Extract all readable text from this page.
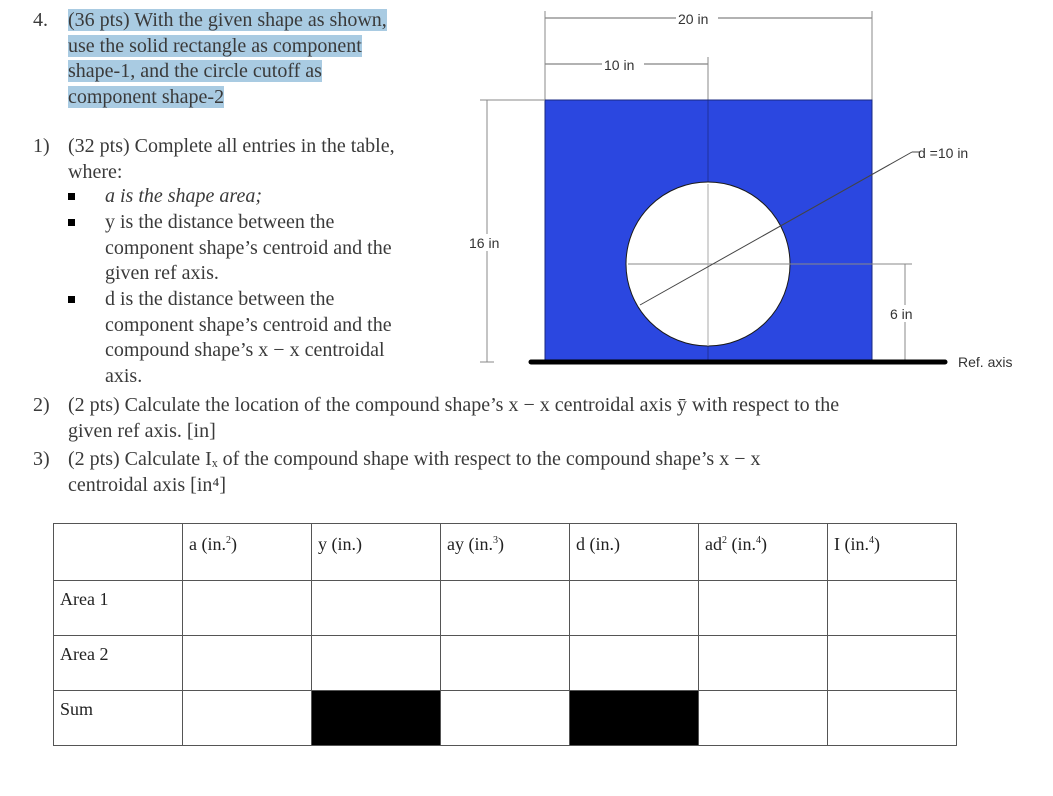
4. (36 pts) With the given shape as shown,
use the solid rectangle as component
shape-1, and the circle cutoff as
component shape-2
1) (32 pts) Complete all entries in the table,
where:
a is the shape area;
y is the distance between the
component shape’s centroid and the
given ref axis.
d is the distance between the
component shape’s centroid and the
compound shape’s x − x centroidal
axis.
2) (2 pts) Calculate the location of the compound shape’s x − x centroidal axis ȳ with respect to the
given ref axis. [in]
3) (2 pts) Calculate Iₓ of the compound shape with respect to the compound shape’s x − x
centroidal axis [in⁴]
20 in
10 in
d =10 in
16 in
6 in
Ref. axis
	a (in.$^2$)	y (in.)	ay (in.$^3$)	d (in.)	$ad^2$ (in.$^4$)	I (in.$^4$)
Area 1						
Area 2						
Sum						
